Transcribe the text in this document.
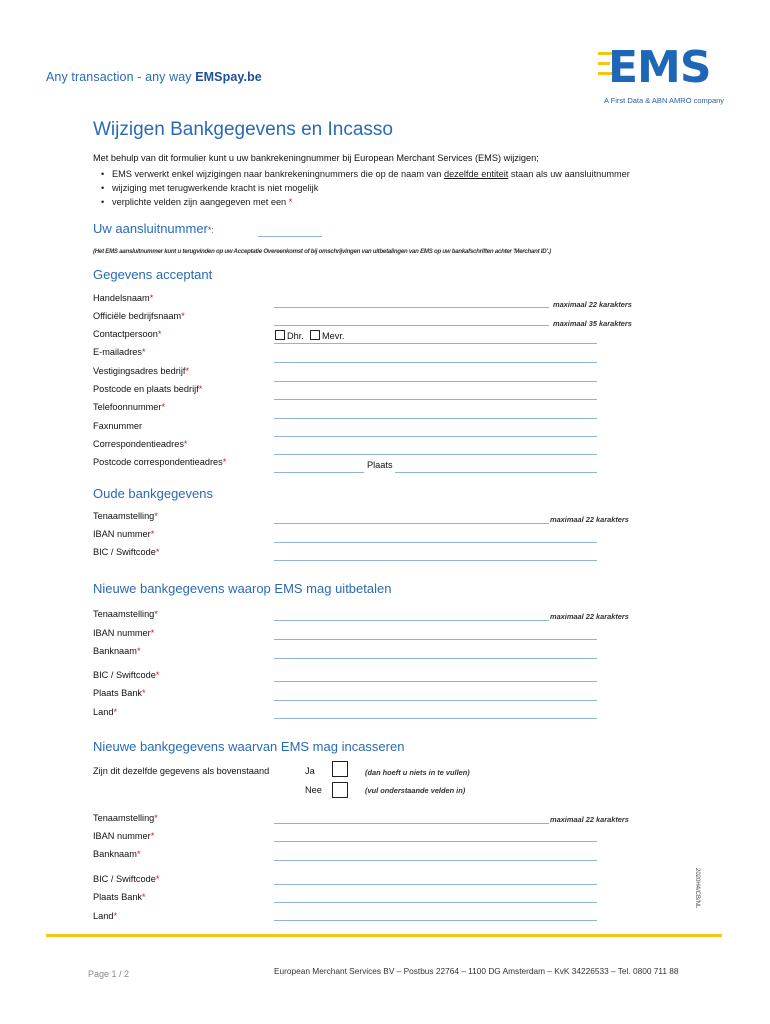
Any transaction - any way EMSpay.be	EMS
A First Data & ABN AMRO company
Wijzigen Bankgegevens en Incasso
Met behulp van dit formulier kunt u uw bankrekeningnummer bij European Merchant Services (EMS) wijzigen;
• EMS verwerkt enkel wijzigingen naar bankrekeningnummers die op de naam van dezelfde entiteit staan als uw aansluitnummer
• wijziging met terugwerkende kracht is niet mogelijk
• verplichte velden zijn aangegeven met een *
Uw aansluitnummer*:
(Het EMS aansluitnummer kunt u terugvinden op uw Acceptatie Overeenkomst of bij omschrijvingen van uitbetalingen van EMS op uw bankafschriften achter 'Merchant ID'.)
Gegevens acceptant
Handelsnaam*
maximaal 22 karakters
Officiële bedrijfsnaam*
maximaal 35 karakters
Contactpersoon*	Dhr. Mevr.
E-mailadres*
Vestigingsadres bedrijf*
Postcode en plaats bedrijf*
Telefoonnummer*
Faxnummer
Correspondentieadres*
Postcode correspondentieadres*	Plaats
Oude bankgegevens
Tenaamstelling*	maximaal 22 karakters
IBAN nummer*
BIC / Swiftcode*
Nieuwe bankgegevens waarop EMS mag uitbetalen
Tenaamstelling*	maximaal 22 karakters
IBAN nummer*
Banknaam*
BIC / Swiftcode*
Plaats Bank*
Land*
Nieuwe bankgegevens waarvan EMS mag incasseren
Zijn dit dezelfde gegevens als bovenstaand	Ja	(dan hoeft u niets in te vullen)
Nee	(vul onderstaande velden in)
Tenaamstelling*	maximaal 22 karakters
IBAN nummer*
Banknaam*
BIC / Swiftcode*
Plaats Bank*
Land*
2020H4/CB/NL
Page 1 / 2	European Merchant Services BV – Postbus 22764 – 1100 DG Amsterdam – KvK 34226533 – Tel. 0800 711 88
